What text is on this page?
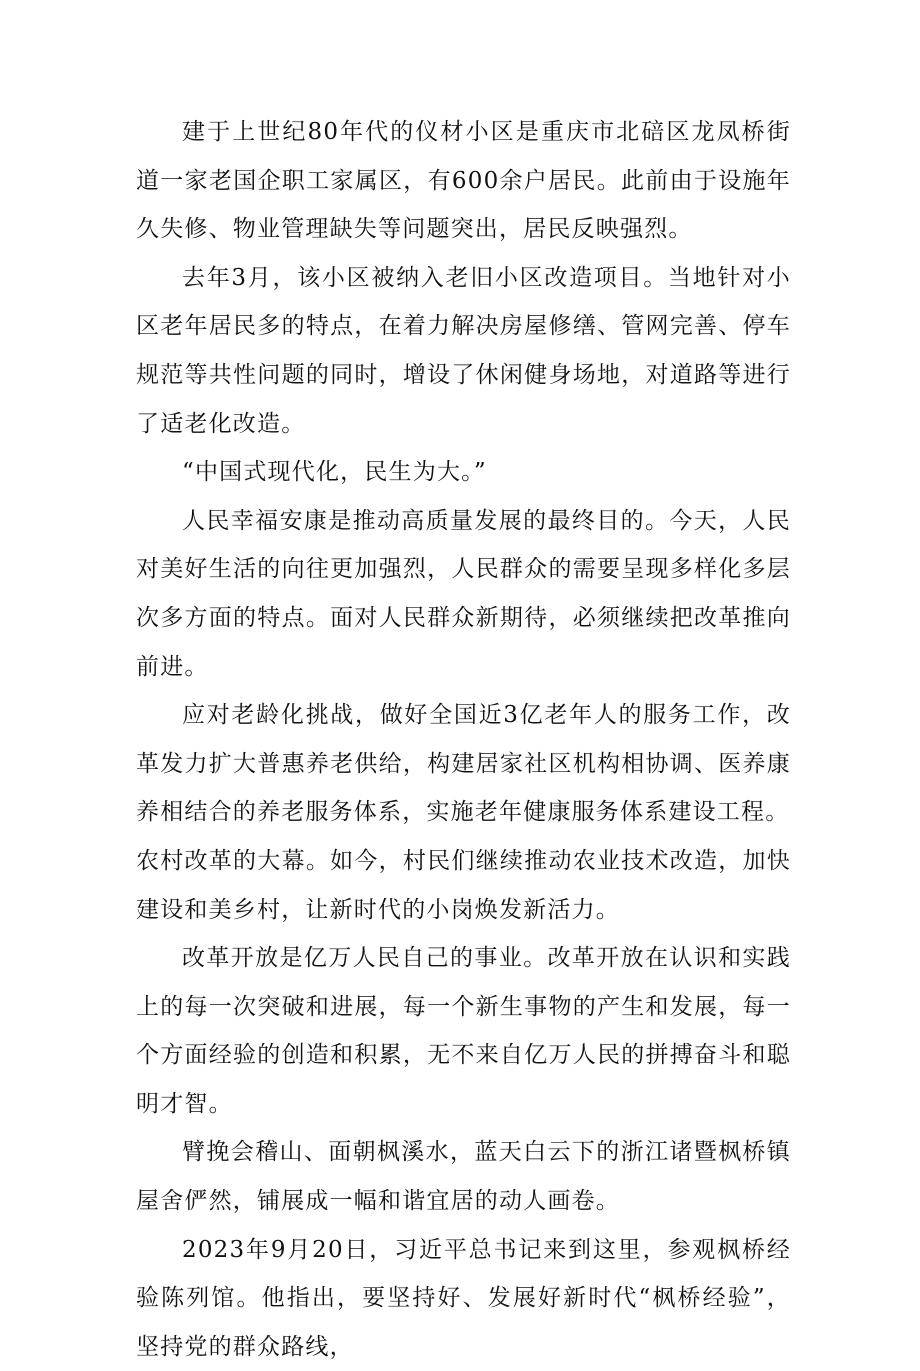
建于上世纪80年代的仪材小区是重庆市北碚区龙凤桥街道一家老国企职工家属区，有600余户居民。此前由于设施年久失修、物业管理缺失等问题突出，居民反映强烈。

去年3月，该小区被纳入老旧小区改造项目。当地针对小区老年居民多的特点，在着力解决房屋修缮、管网完善、停车规范等共性问题的同时，增设了休闲健身场地，对道路等进行了适老化改造。

“中国式现代化，民生为大。”

人民幸福安康是推动高质量发展的最终目的。今天，人民对美好生活的向往更加强烈，人民群众的需要呈现多样化多层次多方面的特点。面对人民群众新期待，必须继续把改革推向前进。

应对老龄化挑战，做好全国近3亿老年人的服务工作，改革发力扩大普惠养老供给，构建居家社区机构相协调、医养康养相结合的养老服务体系，实施老年健康服务体系建设工程。

农村改革的大幕。如今，村民们继续推动农业技术改造，加快建设和美乡村，让新时代的小岗焕发新活力。

改革开放是亿万人民自己的事业。改革开放在认识和实践上的每一次突破和进展，每一个新生事物的产生和发展，每一个方面经验的创造和积累，无不来自亿万人民的拼搏奋斗和聪明才智。

臂挽会稽山、面朝枫溪水，蓝天白云下的浙江诸暨枫桥镇屋舍俨然，铺展成一幅和谐宜居的动人画卷。

2023年9月20日，习近平总书记来到这里，参观枫桥经验陈列馆。他指出，要坚持好、发展好新时代“枫桥经验”，坚持党的群众路线，
